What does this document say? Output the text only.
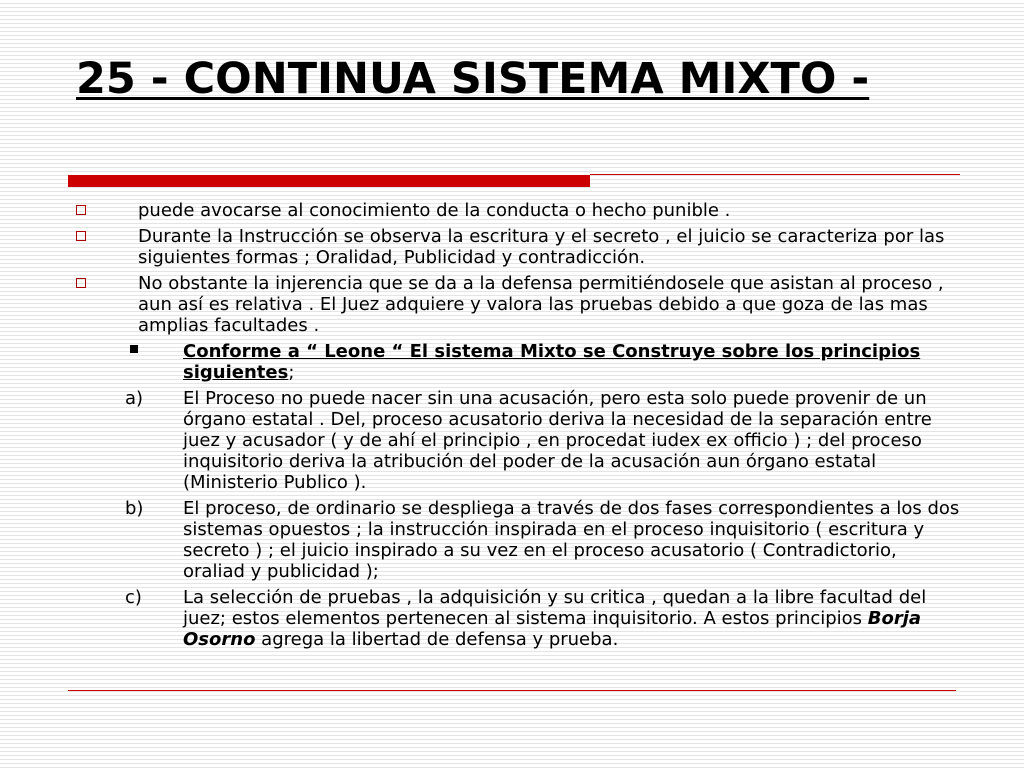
25 - CONTINUA SISTEMA MIXTO -
puede avocarse al conocimiento de la conducta o hecho punible .
Durante la Instrucción se observa la escritura y el secreto , el juicio se caracteriza por las siguientes formas ; Oralidad, Publicidad y contradicción.
No obstante la injerencia que se da a la defensa permitiéndosele que asistan al proceso , aun así es relativa . El Juez adquiere y valora las pruebas debido a que goza de las mas amplias facultades .
Conforme a “ Leone “ El sistema Mixto se Construye sobre los principios siguientes;
a) El Proceso no puede nacer sin una acusación, pero esta solo puede provenir de un órgano estatal . Del, proceso acusatorio deriva la necesidad de la separación entre juez y acusador ( y de ahí el principio , en procedat iudex ex officio ) ; del proceso inquisitorio deriva la atribución del poder de la acusación aun órgano estatal (Ministerio Publico ).
b) El proceso, de ordinario se despliega a través de dos fases correspondientes a los dos sistemas opuestos ; la instrucción inspirada en el proceso inquisitorio ( escritura y secreto ) ; el juicio inspirado a su vez en el proceso acusatorio ( Contradictorio, oraliad y publicidad );
c) La selección de pruebas , la adquisición y su critica , quedan a la libre facultad del juez; estos elementos pertenecen al sistema inquisitorio. A estos principios Borja Osorno agrega la libertad de defensa y prueba.
